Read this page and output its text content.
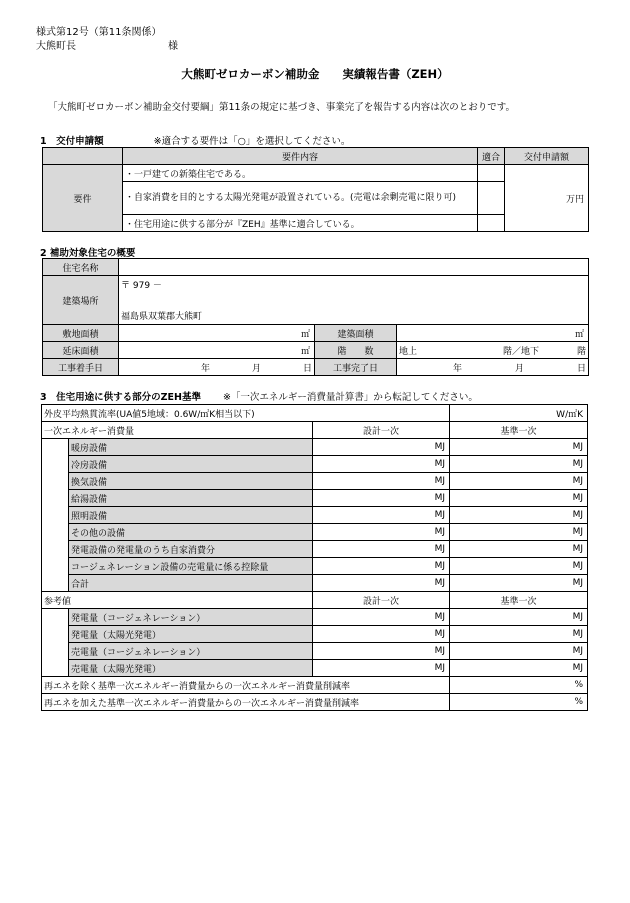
様式第12号（第11条関係）
大熊町長	様
大熊町ゼロカーボン補助金　　実績報告書（ZEH）
「大熊町ゼロカーボン補助金交付要綱」第11条の規定に基づき、事業完了を報告する内容は次のとおりです。
1　交付申請額	※適合する要件は「○」を選択してください。
	要件内容	適合	交付申請額
要件	・一戸建ての新築住宅である。		万円
	・自家消費を目的とする太陽光発電が設置されている。(売電は余剰売電に限り可)		
	・住宅用途に供する部分が『ZEH』基準に適合している。		
2 補助対象住宅の概要
住宅名称			
建築場所	〒 979 －
福島県双葉郡大熊町		

敷地面積	㎡	建築面積	㎡
延床面積	㎡	階　　数	地上 階／地下 階

工事着手日	年 月 日	工事完了日	年 月 日
3　住宅用途に供する部分のZEH基準 ※「一次エネルギー消費量計算書」から転記してください。
外皮平均熱貫流率(UA値5地域：0.6W/㎡K相当以下)			W/㎡K
一次エネルギー消費量		設計一次	基準一次
	暖房設備	MJ	MJ
	冷房設備	MJ	MJ
	換気設備	MJ	MJ
	給湯設備	MJ	MJ
	照明設備	MJ	MJ
	その他の設備	MJ	MJ
	発電設備の発電量のうち自家消費分	MJ	MJ
	コージェネレーション設備の売電量に係る控除量	MJ	MJ
	合計	MJ	MJ
参考値		設計一次	基準一次
	発電量（コージェネレーション）	MJ	MJ
	発電量（太陽光発電）	MJ	MJ
	売電量（コージェネレーション）	MJ	MJ
	売電量（太陽光発電）	MJ	MJ
再エネを除く基準一次エネルギー消費量からの一次エネルギー消費量削減率			%
再エネを加えた基準一次エネルギー消費量からの一次エネルギー消費量削減率			%
